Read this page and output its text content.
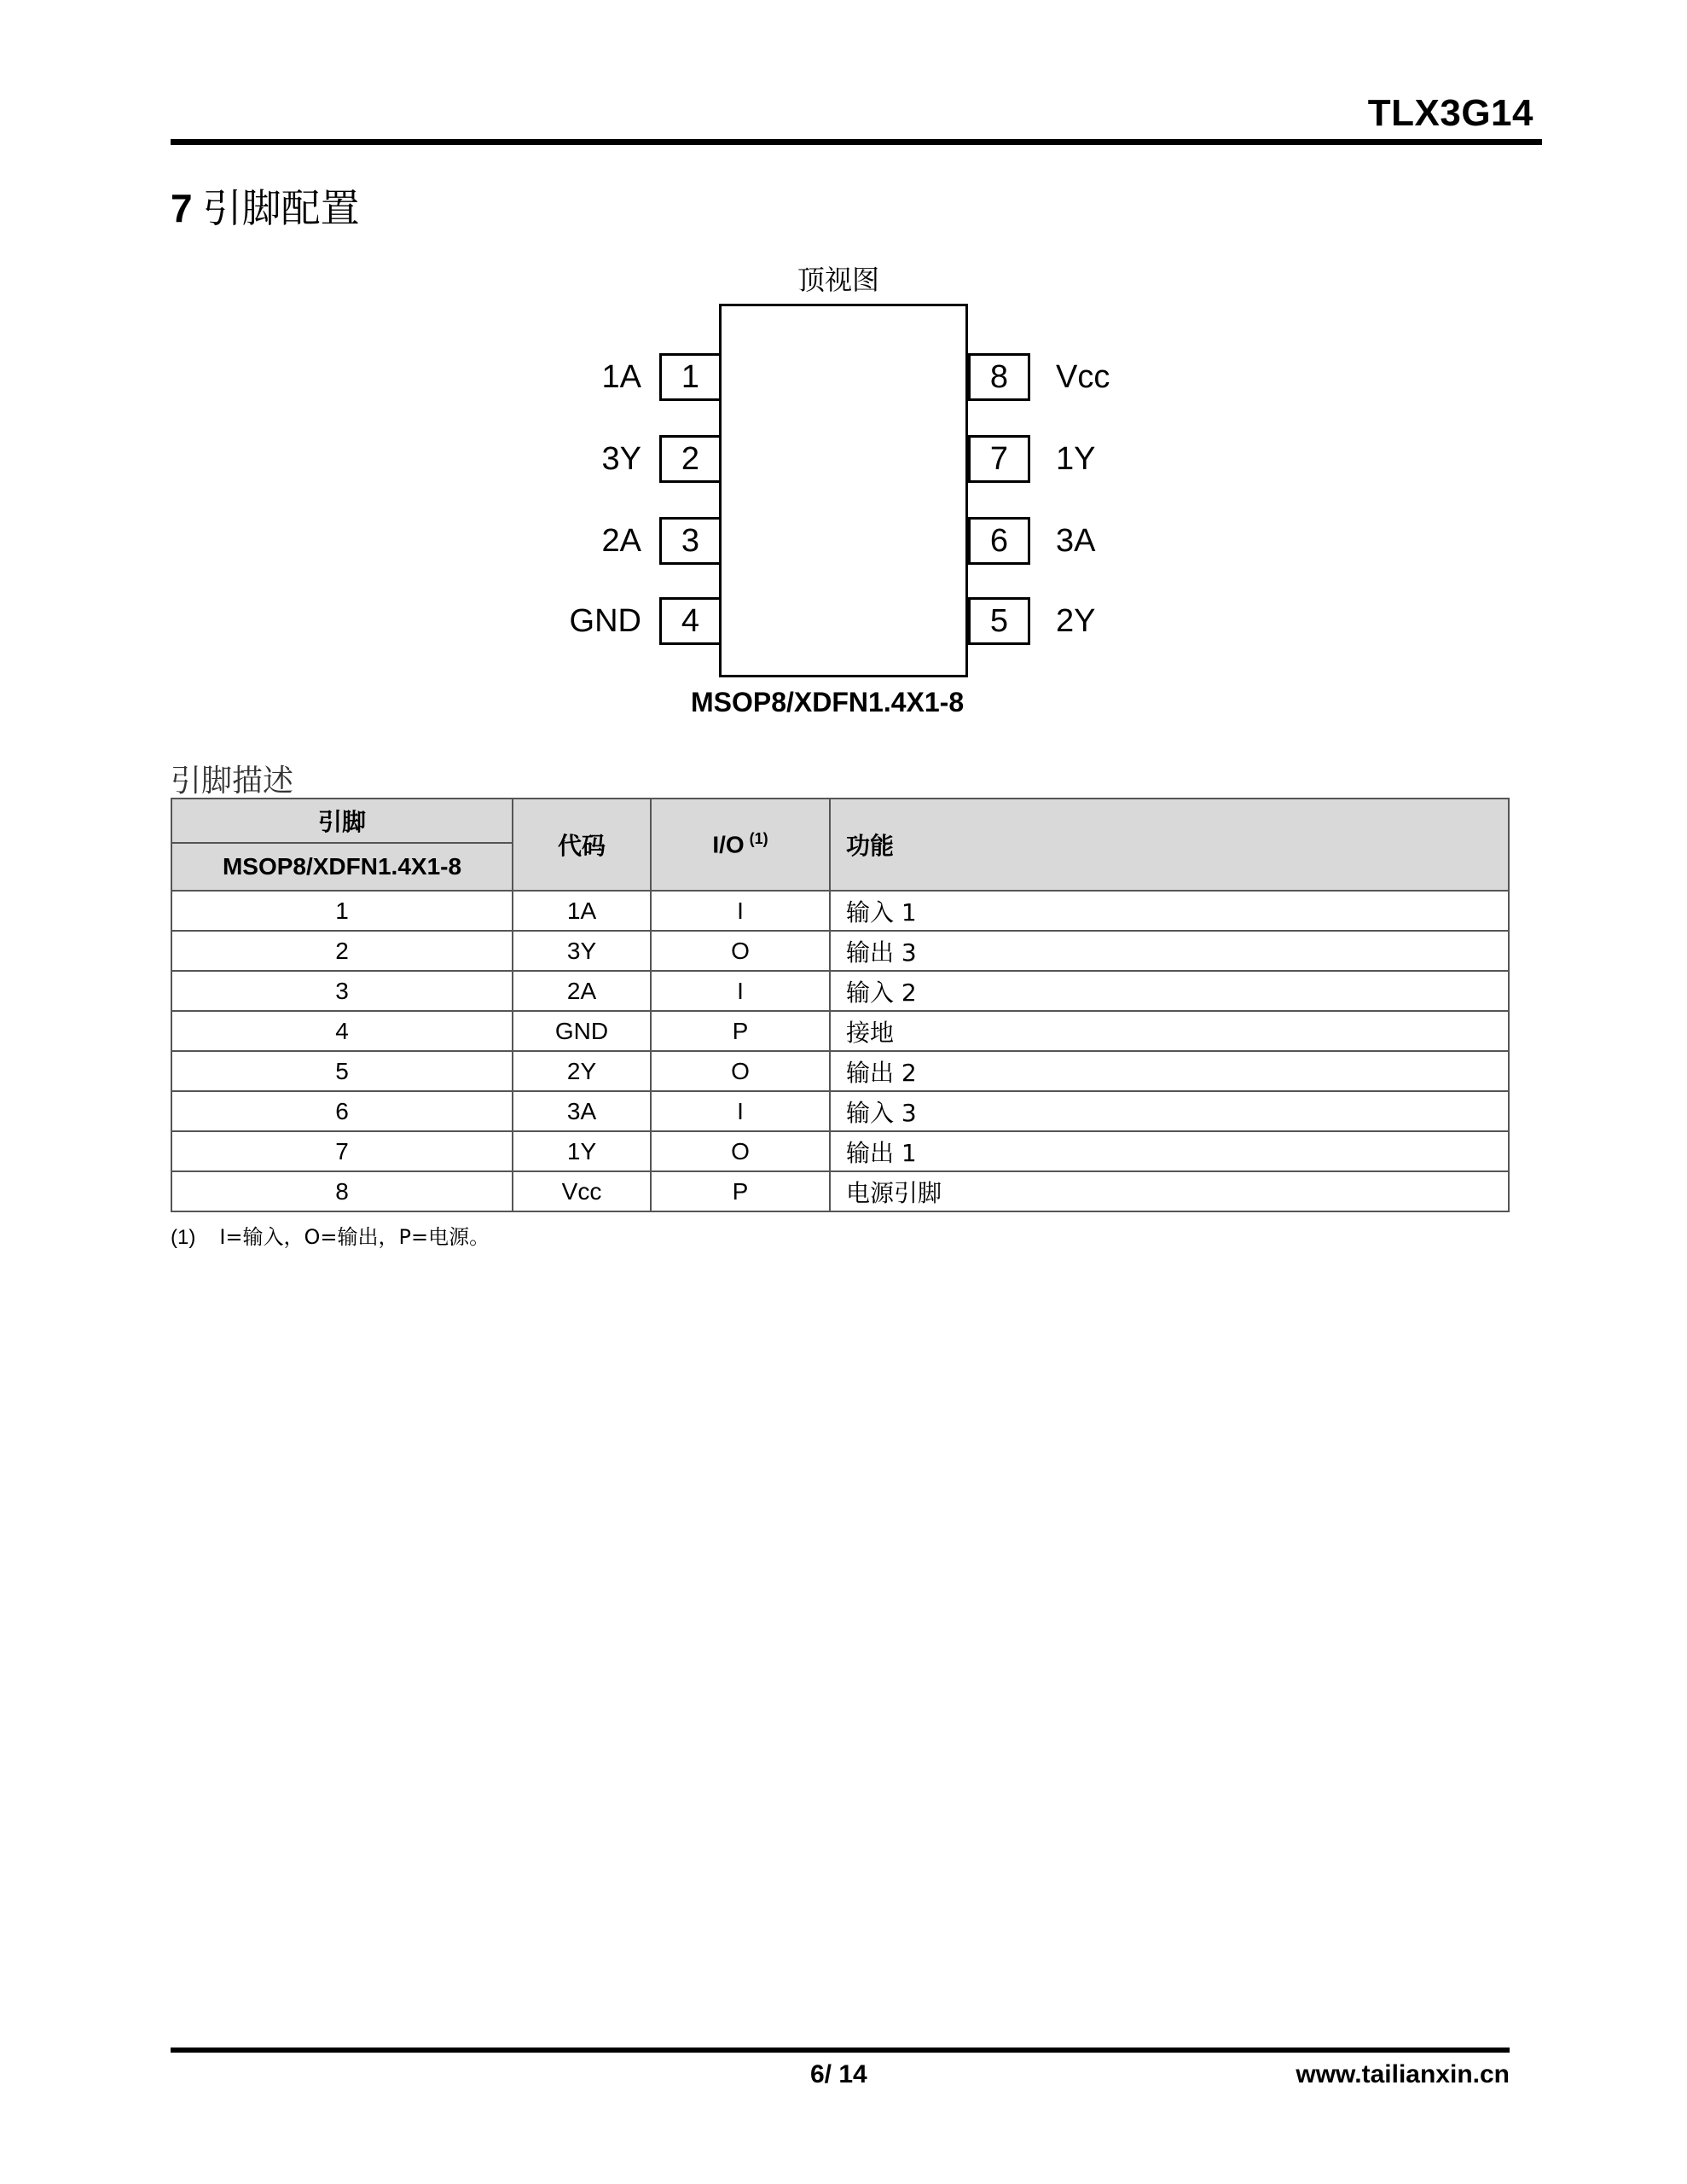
TLX3G14
7 引脚配置
顶视图
1
1A
2
3Y
3
2A
4
GND
8	Vcc
7	1Y
6	3A
5	2Y
MSOP8/XDFN1.4X1-8
引脚描述
引脚	代码	I/O $^{(1)}$	功能
MSOP8/XDFN1.4X1-8			
1	1A	I	输入 1
2	3Y	O	输出 3
3	2A	I	输入 2
4	GND	P	接地
5	2Y	O	输出 2
6	3A	I	输入 3
7	1Y	O	输出 1
8	Vcc	P	电源引脚
(1) I=输入，O=输出，P=电源。
6/ 14	www.tailianxin.cn
